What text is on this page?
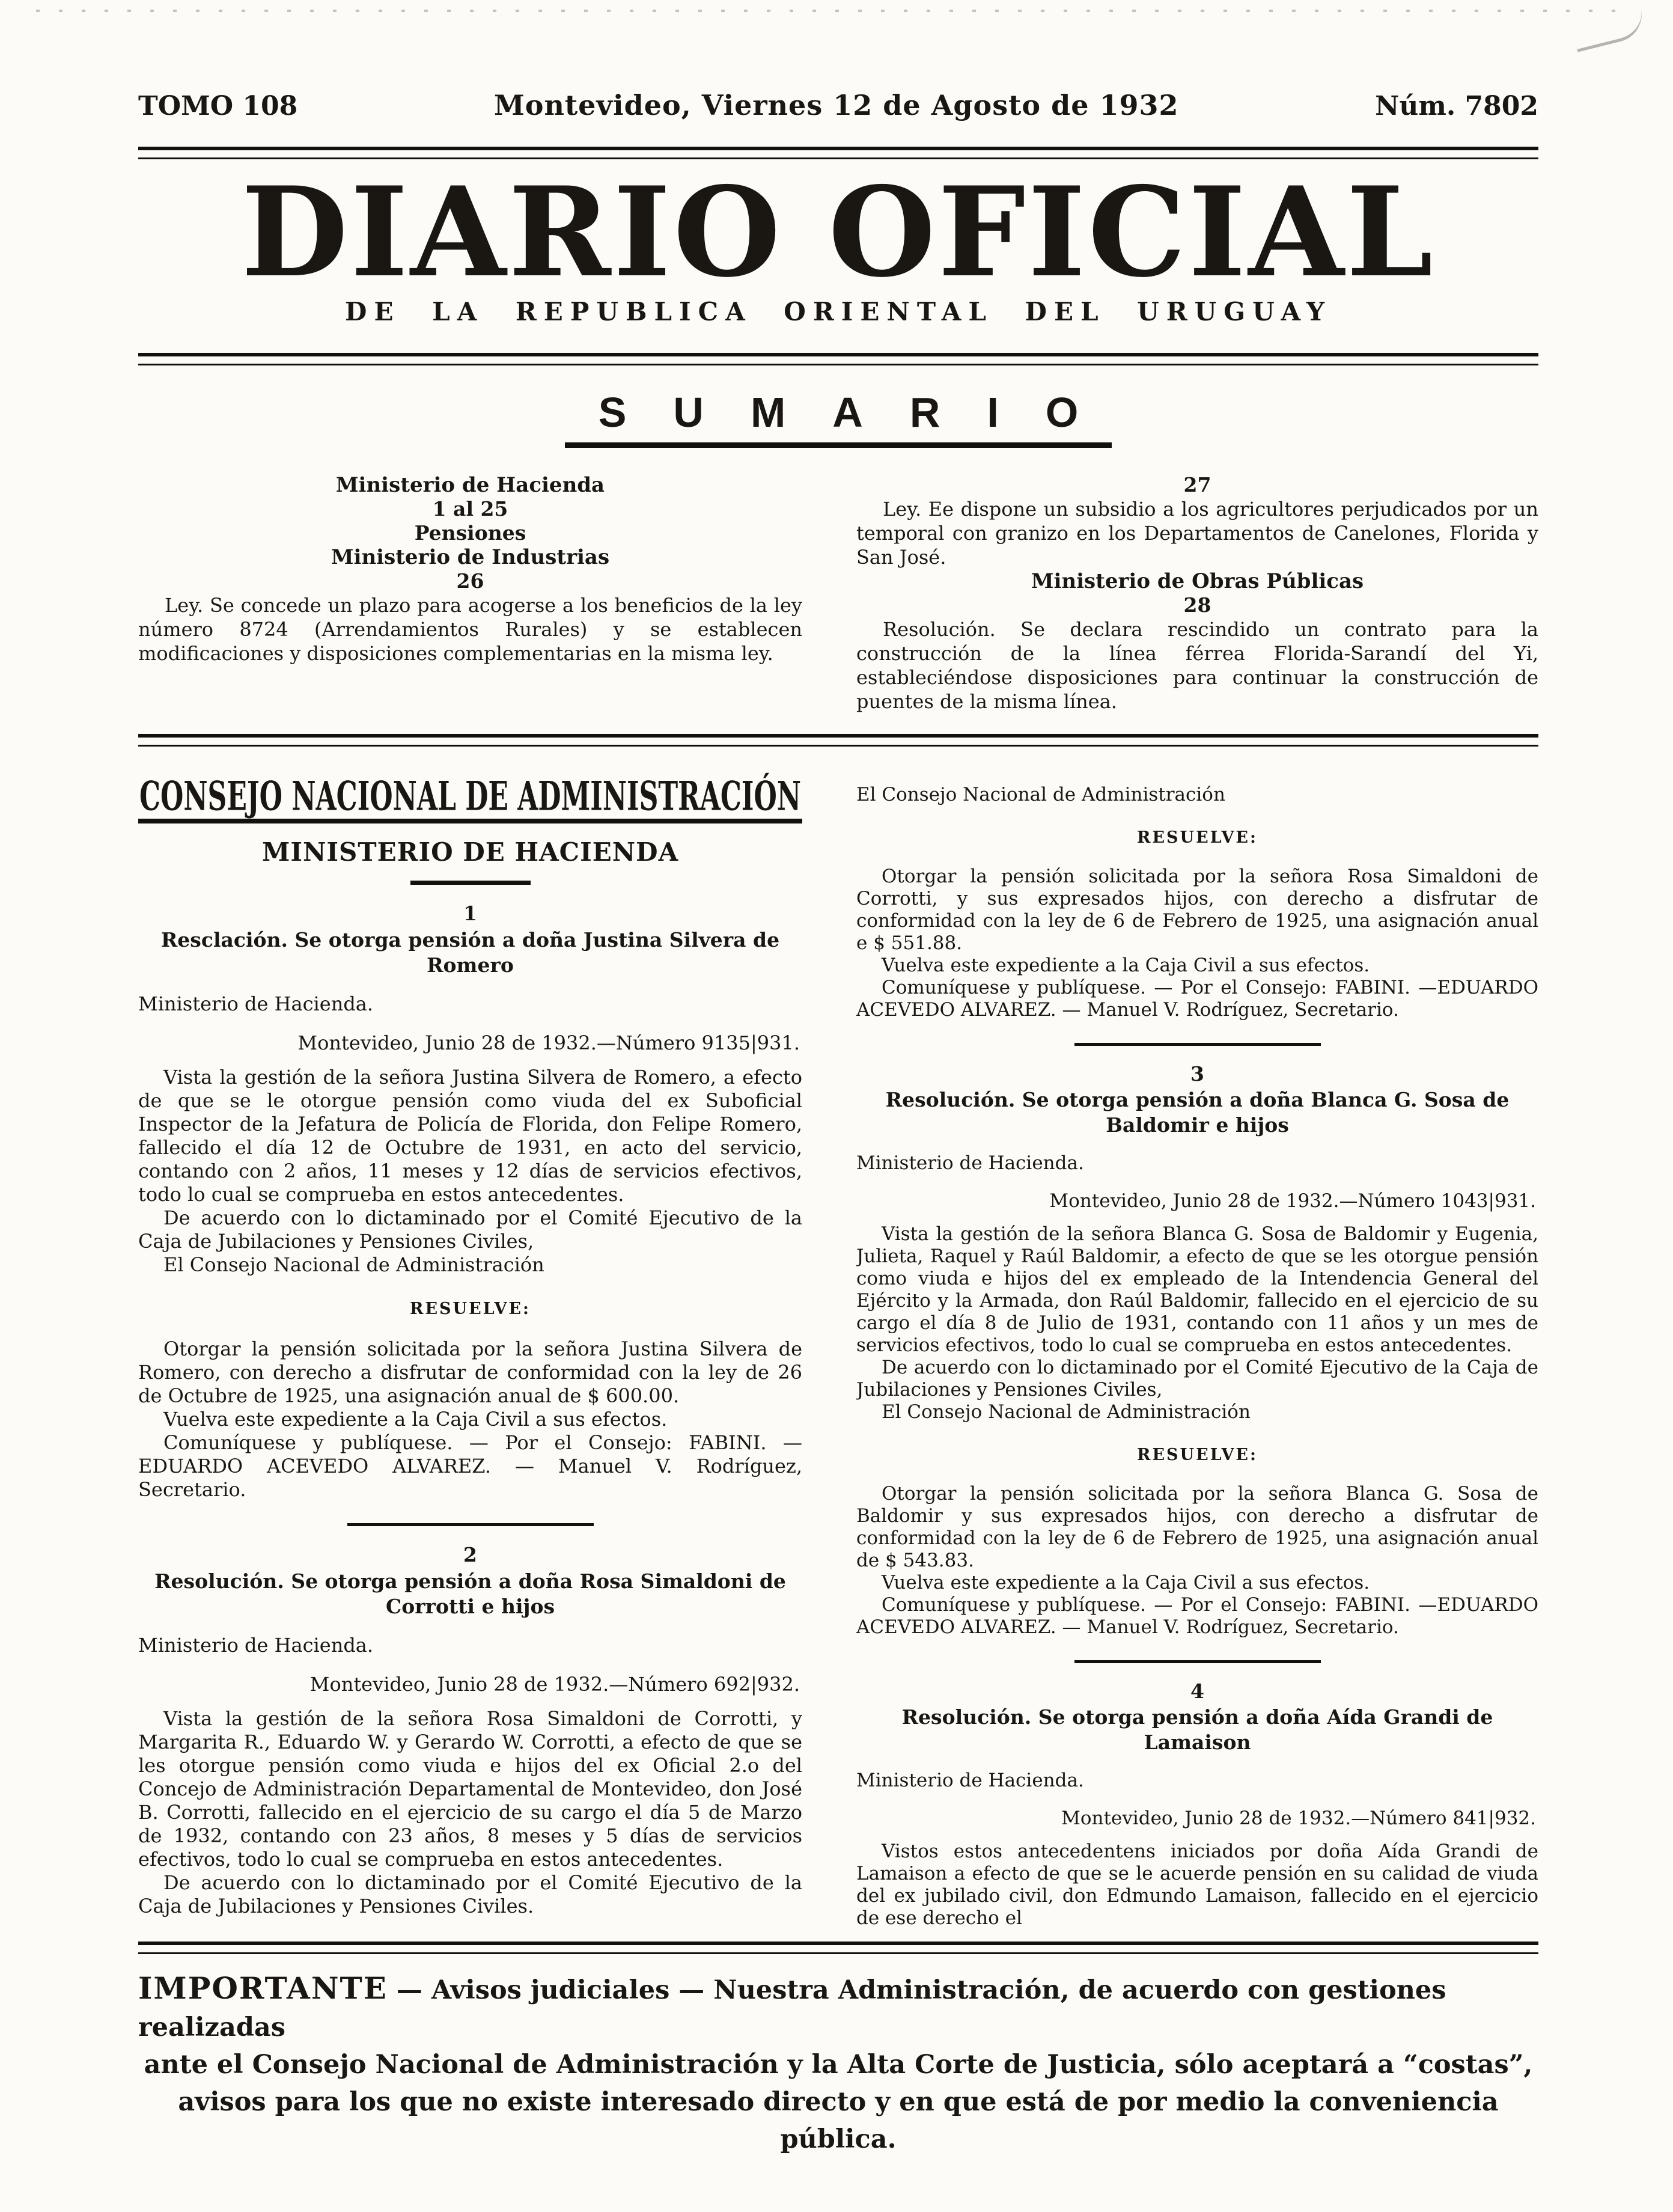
TOMO 108	Montevideo, Viernes 12 de Agosto de 1932	Núm. 7802
DIARIO OFICIAL
DE LA REPUBLICA ORIENTAL DEL URUGUAY
SUMARIO
Ministerio de Hacienda
1 al 25
Pensiones
Ministerio de Industrias
26
Ley. Se concede un plazo para acogerse a los beneficios de la ley número 8724 (Arrendamientos Rurales) y se establecen modificaciones y disposiciones complementarias en la misma ley.
27
Ley. Ee dispone un subsidio a los agricultores perjudicados por un temporal con granizo en los Departamentos de Canelones, Florida y San José.
Ministerio de Obras Públicas
28
Resolución. Se declara rescindido un contrato para la construcción de la línea férrea Florida-Sarandí del Yi, estableciéndose disposiciones para continuar la construcción de puentes de la misma línea.
CONSEJO NACIONAL DE ADMINISTRACIÓN
MINISTERIO DE HACIENDA
1
Resclación. Se otorga pensión a doña Justina Silvera de Romero
Ministerio de Hacienda.
Montevideo, Junio 28 de 1932.—Número 9135|931.
Vista la gestión de la señora Justina Silvera de Romero, a efecto de que se le otorgue pensión como viuda del ex Suboficial Inspector de la Jefatura de Policía de Florida, don Felipe Romero, fallecido el día 12 de Octubre de 1931, en acto del servicio, contando con 2 años, 11 meses y 12 días de servicios efectivos, todo lo cual se comprueba en estos antecedentes.
De acuerdo con lo dictaminado por el Comité Ejecutivo de la Caja de Jubilaciones y Pensiones Civiles,
El Consejo Nacional de Administración
RESUELVE:
Otorgar la pensión solicitada por la señora Justina Silvera de Romero, con derecho a disfrutar de conformidad con la ley de 26 de Octubre de 1925, una asignación anual de $ 600.00.
Vuelva este expediente a la Caja Civil a sus efectos.
Comuníquese y publíquese. — Por el Consejo: FABINI. —EDUARDO ACEVEDO ALVAREZ. — Manuel V. Rodríguez, Secretario.
2
Resolución. Se otorga pensión a doña Rosa Simaldoni de Corrotti e hijos
Ministerio de Hacienda.
Montevideo, Junio 28 de 1932.—Número 692|932.
Vista la gestión de la señora Rosa Simaldoni de Corrotti, y Margarita R., Eduardo W. y Gerardo W. Corrotti, a efecto de que se les otorgue pensión como viuda e hijos del ex Oficial 2.o del Concejo de Administración Departamental de Montevideo, don José B. Corrotti, fallecido en el ejercicio de su cargo el día 5 de Marzo de 1932, contando con 23 años, 8 meses y 5 días de servicios efectivos, todo lo cual se comprueba en estos antecedentes.
De acuerdo con lo dictaminado por el Comité Ejecutivo de la Caja de Jubilaciones y Pensiones Civiles.
El Consejo Nacional de Administración
RESUELVE:
Otorgar la pensión solicitada por la señora Rosa Simaldoni de Corrotti, y sus expresados hijos, con derecho a disfrutar de conformidad con la ley de 6 de Febrero de 1925, una asignación anual e $ 551.88.
Vuelva este expediente a la Caja Civil a sus efectos.
Comuníquese y publíquese. — Por el Consejo: FABINI. —EDUARDO ACEVEDO ALVAREZ. — Manuel V. Rodríguez, Secretario.
3
Resolución. Se otorga pensión a doña Blanca G. Sosa de Baldomir e hijos
Ministerio de Hacienda.
Montevideo, Junio 28 de 1932.—Número 1043|931.
Vista la gestión de la señora Blanca G. Sosa de Baldomir y Eugenia, Julieta, Raquel y Raúl Baldomir, a efecto de que se les otorgue pensión como viuda e hijos del ex empleado de la Intendencia General del Ejército y la Armada, don Raúl Baldomir, fallecido en el ejercicio de su cargo el día 8 de Julio de 1931, contando con 11 años y un mes de servicios efectivos, todo lo cual se comprueba en estos antecedentes.
De acuerdo con lo dictaminado por el Comité Ejecutivo de la Caja de Jubilaciones y Pensiones Civiles,
El Consejo Nacional de Administración
RESUELVE:
Otorgar la pensión solicitada por la señora Blanca G. Sosa de Baldomir y sus expresados hijos, con derecho a disfrutar de conformidad con la ley de 6 de Febrero de 1925, una asignación anual de $ 543.83.
Vuelva este expediente a la Caja Civil a sus efectos.
Comuníquese y publíquese. — Por el Consejo: FABINI. —EDUARDO ACEVEDO ALVAREZ. — Manuel V. Rodríguez, Secretario.
4
Resolución. Se otorga pensión a doña Aída Grandi de Lamaison
Ministerio de Hacienda.
Montevideo, Junio 28 de 1932.—Número 841|932.
Vistos estos antecedentens iniciados por doña Aída Grandi de Lamaison a efecto de que se le acuerde pensión en su calidad de viuda del ex jubilado civil, don Edmundo Lamaison, fallecido en el ejercicio de ese derecho el
IMPORTANTE — Avisos judiciales — Nuestra Administración, de acuerdo con gestiones realizadas
ante el Consejo Nacional de Administración y la Alta Corte de Justicia, sólo aceptará a “costas”,
avisos para los que no existe interesado directo y en que está de por medio la conveniencia pública.
